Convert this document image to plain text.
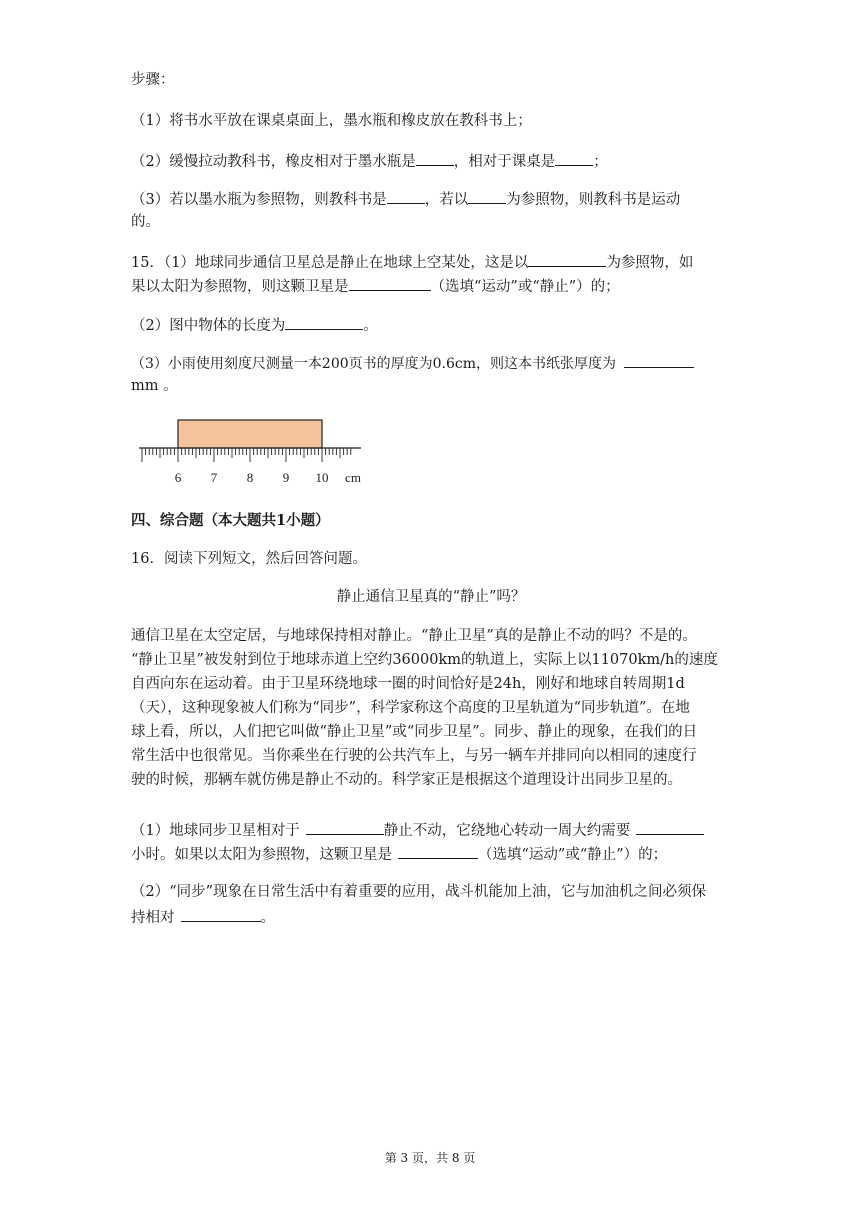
步骤：
（1）将书水平放在课桌桌面上，墨水瓶和橡皮放在教科书上；
（2）缓慢拉动教科书，橡皮相对于墨水瓶是	，相对于课桌是	；
（3）若以墨水瓶为参照物，则教科书是	，若以	为参照物，则教科书是运动
的。
15．（1）地球同步通信卫星总是静止在地球上空某处，这是以	为参照物，如
果以太阳为参照物，则这颗卫星是	（选填“运动”或“静止”）的；
（2）图中物体的长度为	。
（3）小雨使用刻度尺测量一本200页书的厚度为0.6cm，则这本书纸张厚度为
mm 。
6 7 8 9 10 cm
四、综合题（本大题共1小题）
16．阅读下列短文，然后回答问题。
静止通信卫星真的“静止”吗？
通信卫星在太空定居，与地球保持相对静止。“静止卫星”真的是静止不动的吗？不是的。
“静止卫星”被发射到位于地球赤道上空约36000km的轨道上，实际上以11070km/h的速度
自西向东在运动着。由于卫星环绕地球一圈的时间恰好是24h，刚好和地球自转周期1d
（天），这种现象被人们称为“同步”，科学家称这个高度的卫星轨道为“同步轨道”。在地
球上看，所以，人们把它叫做“静止卫星”或“同步卫星”。同步、静止的现象，在我们的日
常生活中也很常见。当你乘坐在行驶的公共汽车上，与另一辆车并排同向以相同的速度行
驶的时候，那辆车就仿佛是静止不动的。科学家正是根据这个道理设计出同步卫星的。
（1）地球同步卫星相对于	静止不动，它绕地心转动一周大约需要
小时。如果以太阳为参照物，这颗卫星是	（选填“运动”或“静止”）的；
（2）“同步”现象在日常生活中有着重要的应用，战斗机能加上油，它与加油机之间必须保
持相对	。
第 3 页，共 8 页
